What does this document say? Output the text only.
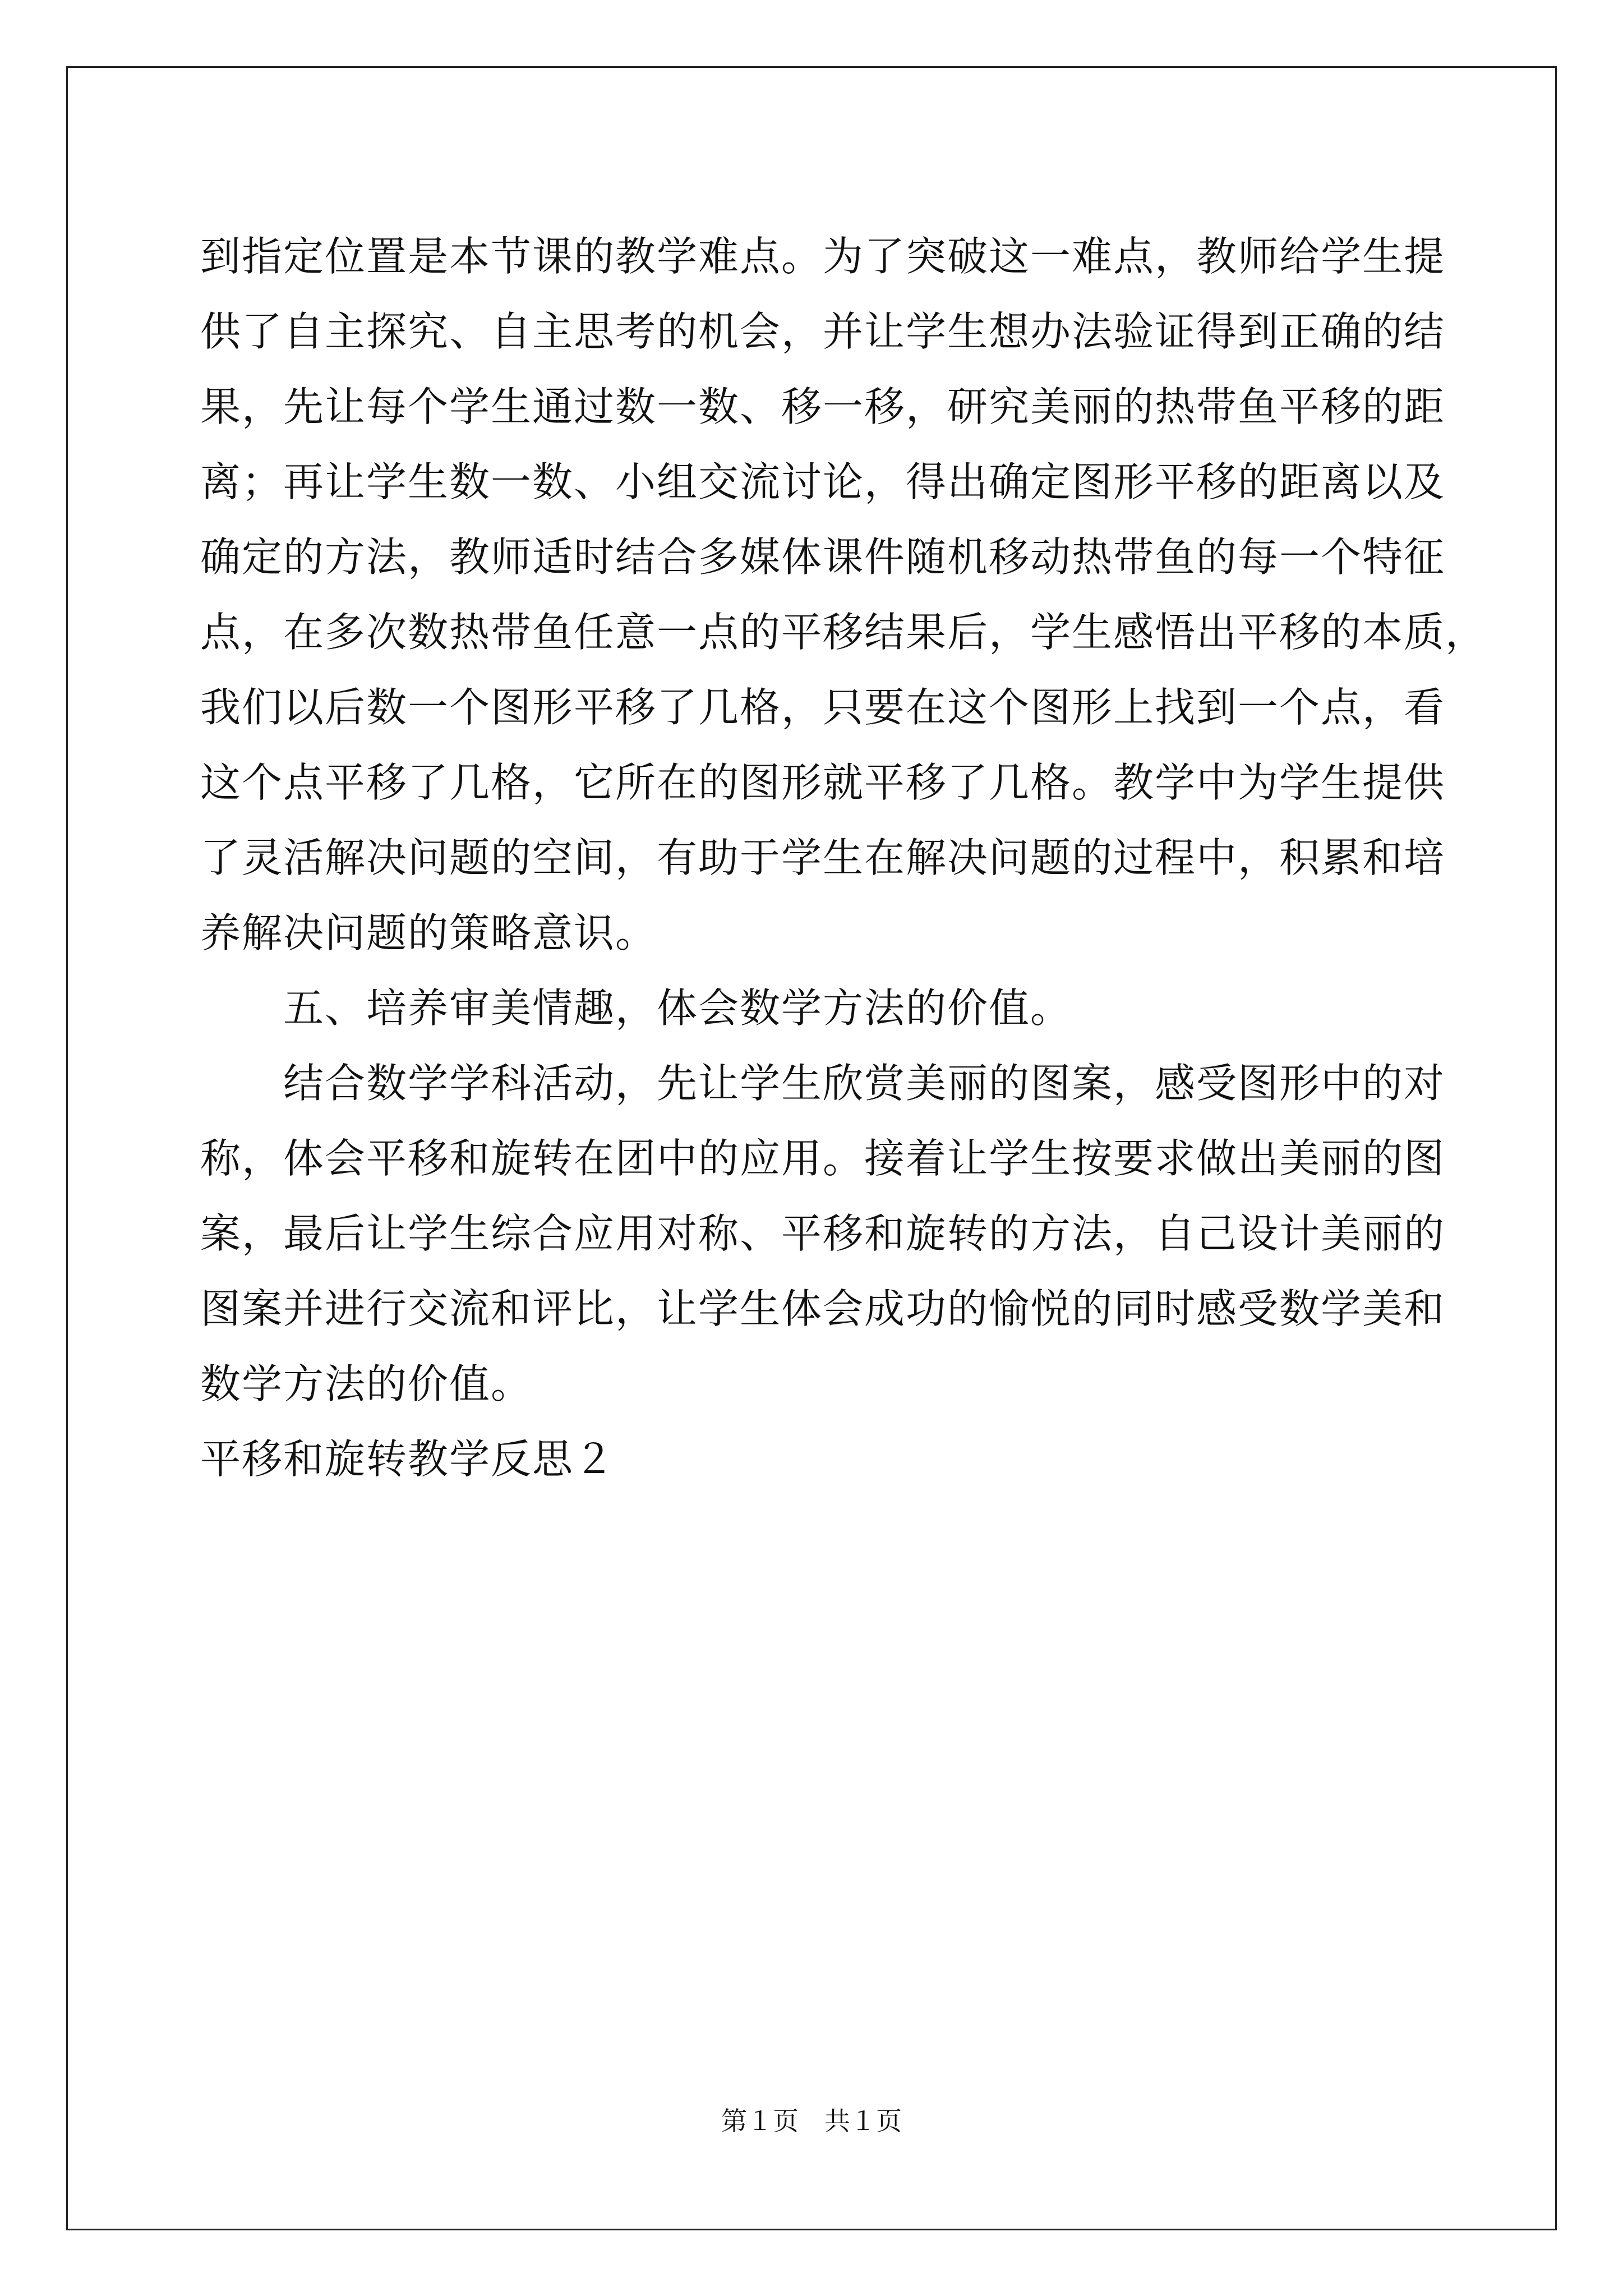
到指定位置是本节课的教学难点。为了突破这一难点，教师给学生提

供了自主探究、自主思考的机会，并让学生想办法验证得到正确的结

果，先让每个学生通过数一数、移一移，研究美丽的热带鱼平移的距

离；再让学生数一数、小组交流讨论，得出确定图形平移的距离以及

确定的方法，教师适时结合多媒体课件随机移动热带鱼的每一个特征

点，在多次数热带鱼任意一点的平移结果后，学生感悟出平移的本质，

我们以后数一个图形平移了几格，只要在这个图形上找到一个点，看

这个点平移了几格，它所在的图形就平移了几格。教学中为学生提供

了灵活解决问题的空间，有助于学生在解决问题的过程中，积累和培

养解决问题的策略意识。

五、培养审美情趣，体会数学方法的价值。

结合数学学科活动，先让学生欣赏美丽的图案，感受图形中的对

称，体会平移和旋转在团中的应用。接着让学生按要求做出美丽的图

案，最后让学生综合应用对称、平移和旋转的方法，自己设计美丽的

图案并进行交流和评比，让学生体会成功的愉悦的同时感受数学美和

数学方法的价值。

平移和旋转教学反思２

第１页　共１页
